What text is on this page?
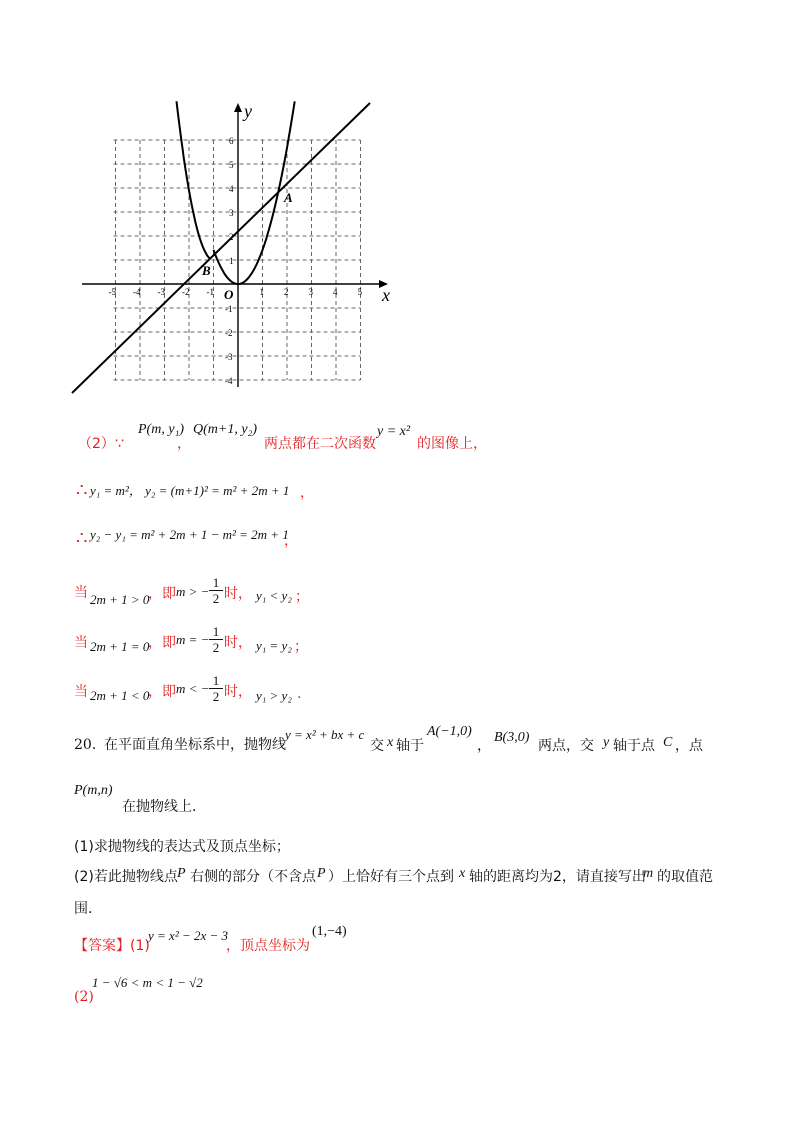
-5 -4 -3 -2 -1	1 2 3 4 5
6
5
4
3
2
1
-1
-2
-3
-4
y
x
O
A
B
（2）∵
P(m, y₁)
，
Q(m+1, y₂)
两点都在二次函数
y = x²
的图像上，
∴ y₁ = m²， y₂ = (m+1)² = m² + 2m + 1 ，
∴ y₂ − y₁ = m² + 2m + 1 − m² = 2m + 1
，
当 2m + 1 > 0
，即 m > − $\frac{1}{2}$ 时， y₁ < y₂ ；
当 2m + 1 = 0
，即 m = − $\frac{1}{2}$ 时， y₁ = y₂ ；
当 2m + 1 < 0
，即 m < − $\frac{1}{2}$ 时， y₁ > y₂ .
20．
在平面直角坐标系中，抛物线
y = x² + bx + c
交 x 轴于
A(−1,0)
，
B(3,0)
两点，交 y 轴于点 C ，点
P(m,n)
在抛物线上．
(1)求抛物线的表达式及顶点坐标；
(2)若此抛物线点 P 右侧的部分（不含点 P ）上恰好有三个点到 x 轴的距离均为2，请直接写出
m 的取值范
围．
【答案】(1)
y = x² − 2x − 3
，顶点坐标为
(1,−4)
(2)
1 − √6 < m < 1 − √2
